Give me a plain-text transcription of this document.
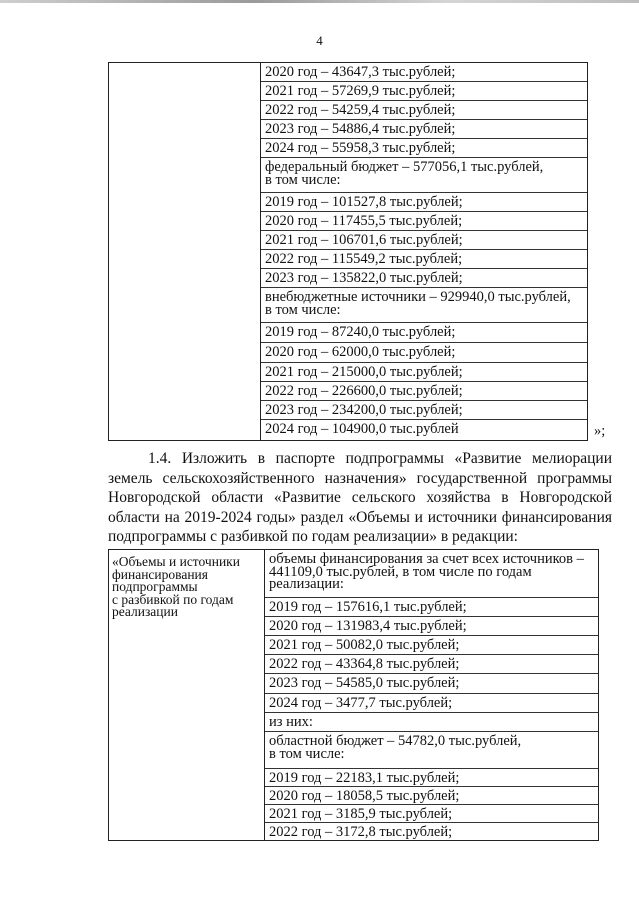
4
2020 год – 43647,3 тыс.рублей;
2021 год – 57269,9 тыс.рублей;
2022 год – 54259,4 тыс.рублей;
2023 год – 54886,4 тыс.рублей;
2024 год – 55958,3 тыс.рублей;
федеральный бюджет – 577056,1 тыс.рублей,
в том числе:
2019 год – 101527,8 тыс.рублей;
2020 год – 117455,5 тыс.рублей;
2021 год – 106701,6 тыс.рублей;
2022 год – 115549,2 тыс.рублей;
2023 год – 135822,0 тыс.рублей;
внебюджетные источники – 929940,0 тыс.рублей,
в том числе:
2019 год – 87240,0 тыс.рублей;
2020 год – 62000,0 тыс.рублей;
2021 год – 215000,0 тыс.рублей;
2022 год – 226600,0 тыс.рублей;
2023 год – 234200,0 тыс.рублей;
2024 год – 104900,0 тыс.рублей	»;
1.4. Изложить в паспорте подпрограммы «Развитие мелиорации земель сельскохозяйственного назначения» государственной программы Новгородской области «Развитие сельского хозяйства в Новгородской области на 2019-2024 годы» раздел «Объемы и источники финансирования подпрограммы с разбивкой по годам реализации» в редакции:
«Объемы и источники
финансирования
подпрограммы
с разбивкой по годам
реализации
объемы финансирования за счет всех источников –
441109,0 тыс.рублей, в том числе по годам
реализации:
2019 год – 157616,1 тыс.рублей;
2020 год – 131983,4 тыс.рублей;
2021 год – 50082,0 тыс.рублей;
2022 год – 43364,8 тыс.рублей;
2023 год – 54585,0 тыс.рублей;
2024 год – 3477,7 тыс.рублей;
из них:
областной бюджет – 54782,0 тыс.рублей,
в том числе:
2019 год – 22183,1 тыс.рублей;
2020 год – 18058,5 тыс.рублей;
2021 год – 3185,9 тыс.рублей;
2022 год – 3172,8 тыс.рублей;
